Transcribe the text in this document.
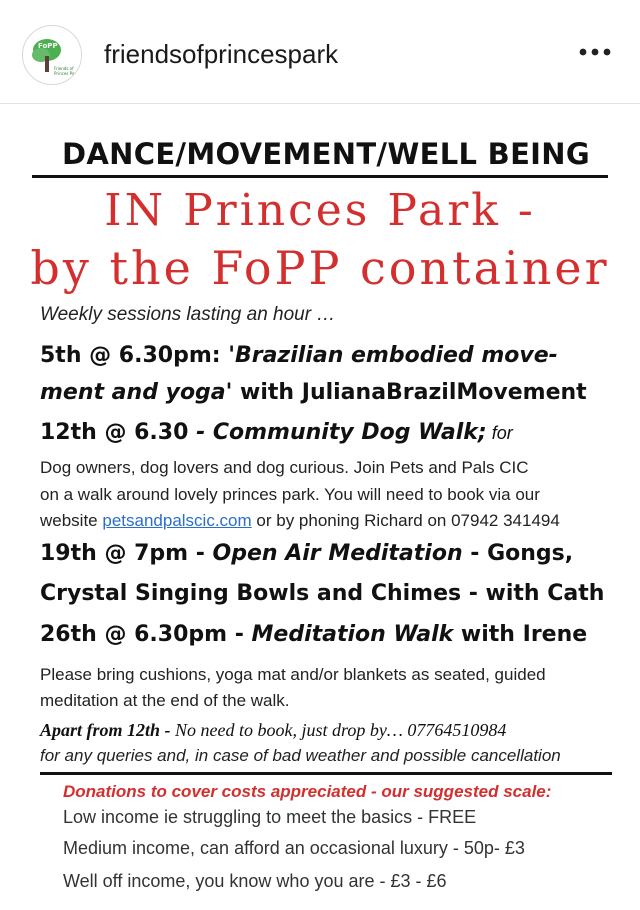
FoPP
Friends of
Princes Park
friendsofprincespark
DANCE/MOVEMENT/WELL BEING
IN Princes Park -
by the FoPP container
Weekly sessions lasting an hour …
5th @ 6.30pm: 'Brazilian embodied move-
ment and yoga' with JulianaBrazilMovement
12th @ 6.30 - Community Dog Walk; for
Dog owners, dog lovers and dog curious. Join Pets and Pals CIC
on a walk around lovely princes park. You will need to book via our
website petsandpalscic.com or by phoning Richard on 07942 341494
19th @ 7pm - Open Air Meditation - Gongs,
Crystal Singing Bowls and Chimes - with Cath
26th @ 6.30pm - Meditation Walk with Irene
Please bring cushions, yoga mat and/or blankets as seated, guided
meditation at the end of the walk.
Apart from 12th - No need to book, just drop by… 07764510984
for any queries and, in case of bad weather and possible cancellation
Donations to cover costs appreciated - our suggested scale:
Low income ie struggling to meet the basics - FREE
Medium income, can afford an occasional luxury - 50p- £3
Well off income, you know who you are - £3 - £6
